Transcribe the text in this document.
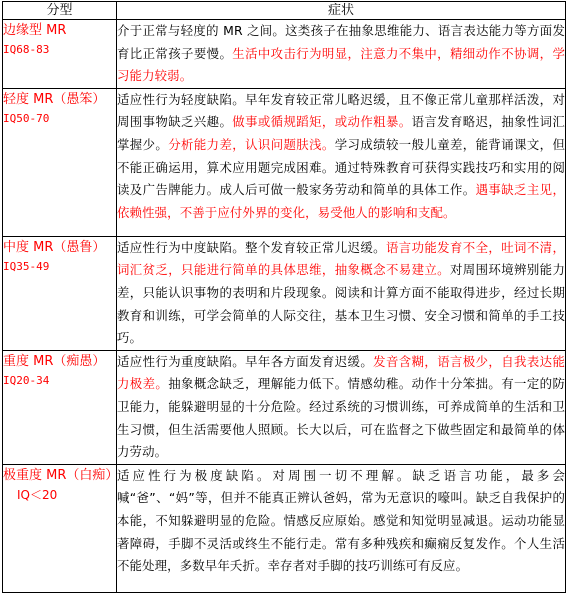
分型	症状

边缘型 MR
IQ68-83	介于正常与轻度的 MR 之间。这类孩子在抽象思维能力、语言表达能力等方面发育比正常孩子要慢。生活中攻击行为明显，注意力不集中，精细动作不协调，学习能力较弱。

轻度 MR（愚笨）
IQ50-70	适应性行为轻度缺陷。早年发育较正常儿略迟缓，且不像正常儿童那样活泼，对周围事物缺乏兴趣。做事或循规蹈矩，或动作粗暴。语言发育略迟，抽象性词汇掌握少。分析能力差，认识问题肤浅。学习成绩较一般儿童差，能背诵课文，但不能正确运用，算术应用题完成困难。通过特殊教育可获得实践技巧和实用的阅读及广告牌能力。成人后可做一般家务劳动和简单的具体工作。遇事缺乏主见，依赖性强，不善于应付外界的变化，易受他人的影响和支配。

中度 MR（愚鲁）
IQ35-49	适应性行为中度缺陷。整个发育较正常儿迟缓。语言功能发育不全，吐词不清，词汇贫乏，只能进行简单的具体思维，抽象概念不易建立。对周围环境辨别能力差，只能认识事物的表明和片段现象。阅读和计算方面不能取得进步，经过长期教育和训练，可学会简单的人际交往，基本卫生习惯、安全习惯和简单的手工技巧。

重度 MR（痴愚）
IQ20-34	适应性行为重度缺陷。早年各方面发育迟缓。发音含糊，语言极少，自我表达能力极差。抽象概念缺乏，理解能力低下。情感幼稚。动作十分笨拙。有一定的防卫能力，能躲避明显的十分危险。经过系统的习惯训练，可养成简单的生活和卫生习惯，但生活需要他人照顾。长大以后，可在监督之下做些固定和最简单的体力劳动。

极重度 MR（白痴）
IQ＜20	适应性行为极度缺陷。对周围一切不理解。缺乏语言功能，最多会喊“爸”、“妈”等，但并不能真正辨认爸妈，常为无意识的嚎叫。缺乏自我保护的本能，不知躲避明显的危险。情感反应原始。感觉和知觉明显减退。运动功能显著障碍，手脚不灵活或终生不能行走。常有多种残疾和癫痫反复发作。个人生活不能处理，多数早年夭折。幸存者对手脚的技巧训练可有反应。
